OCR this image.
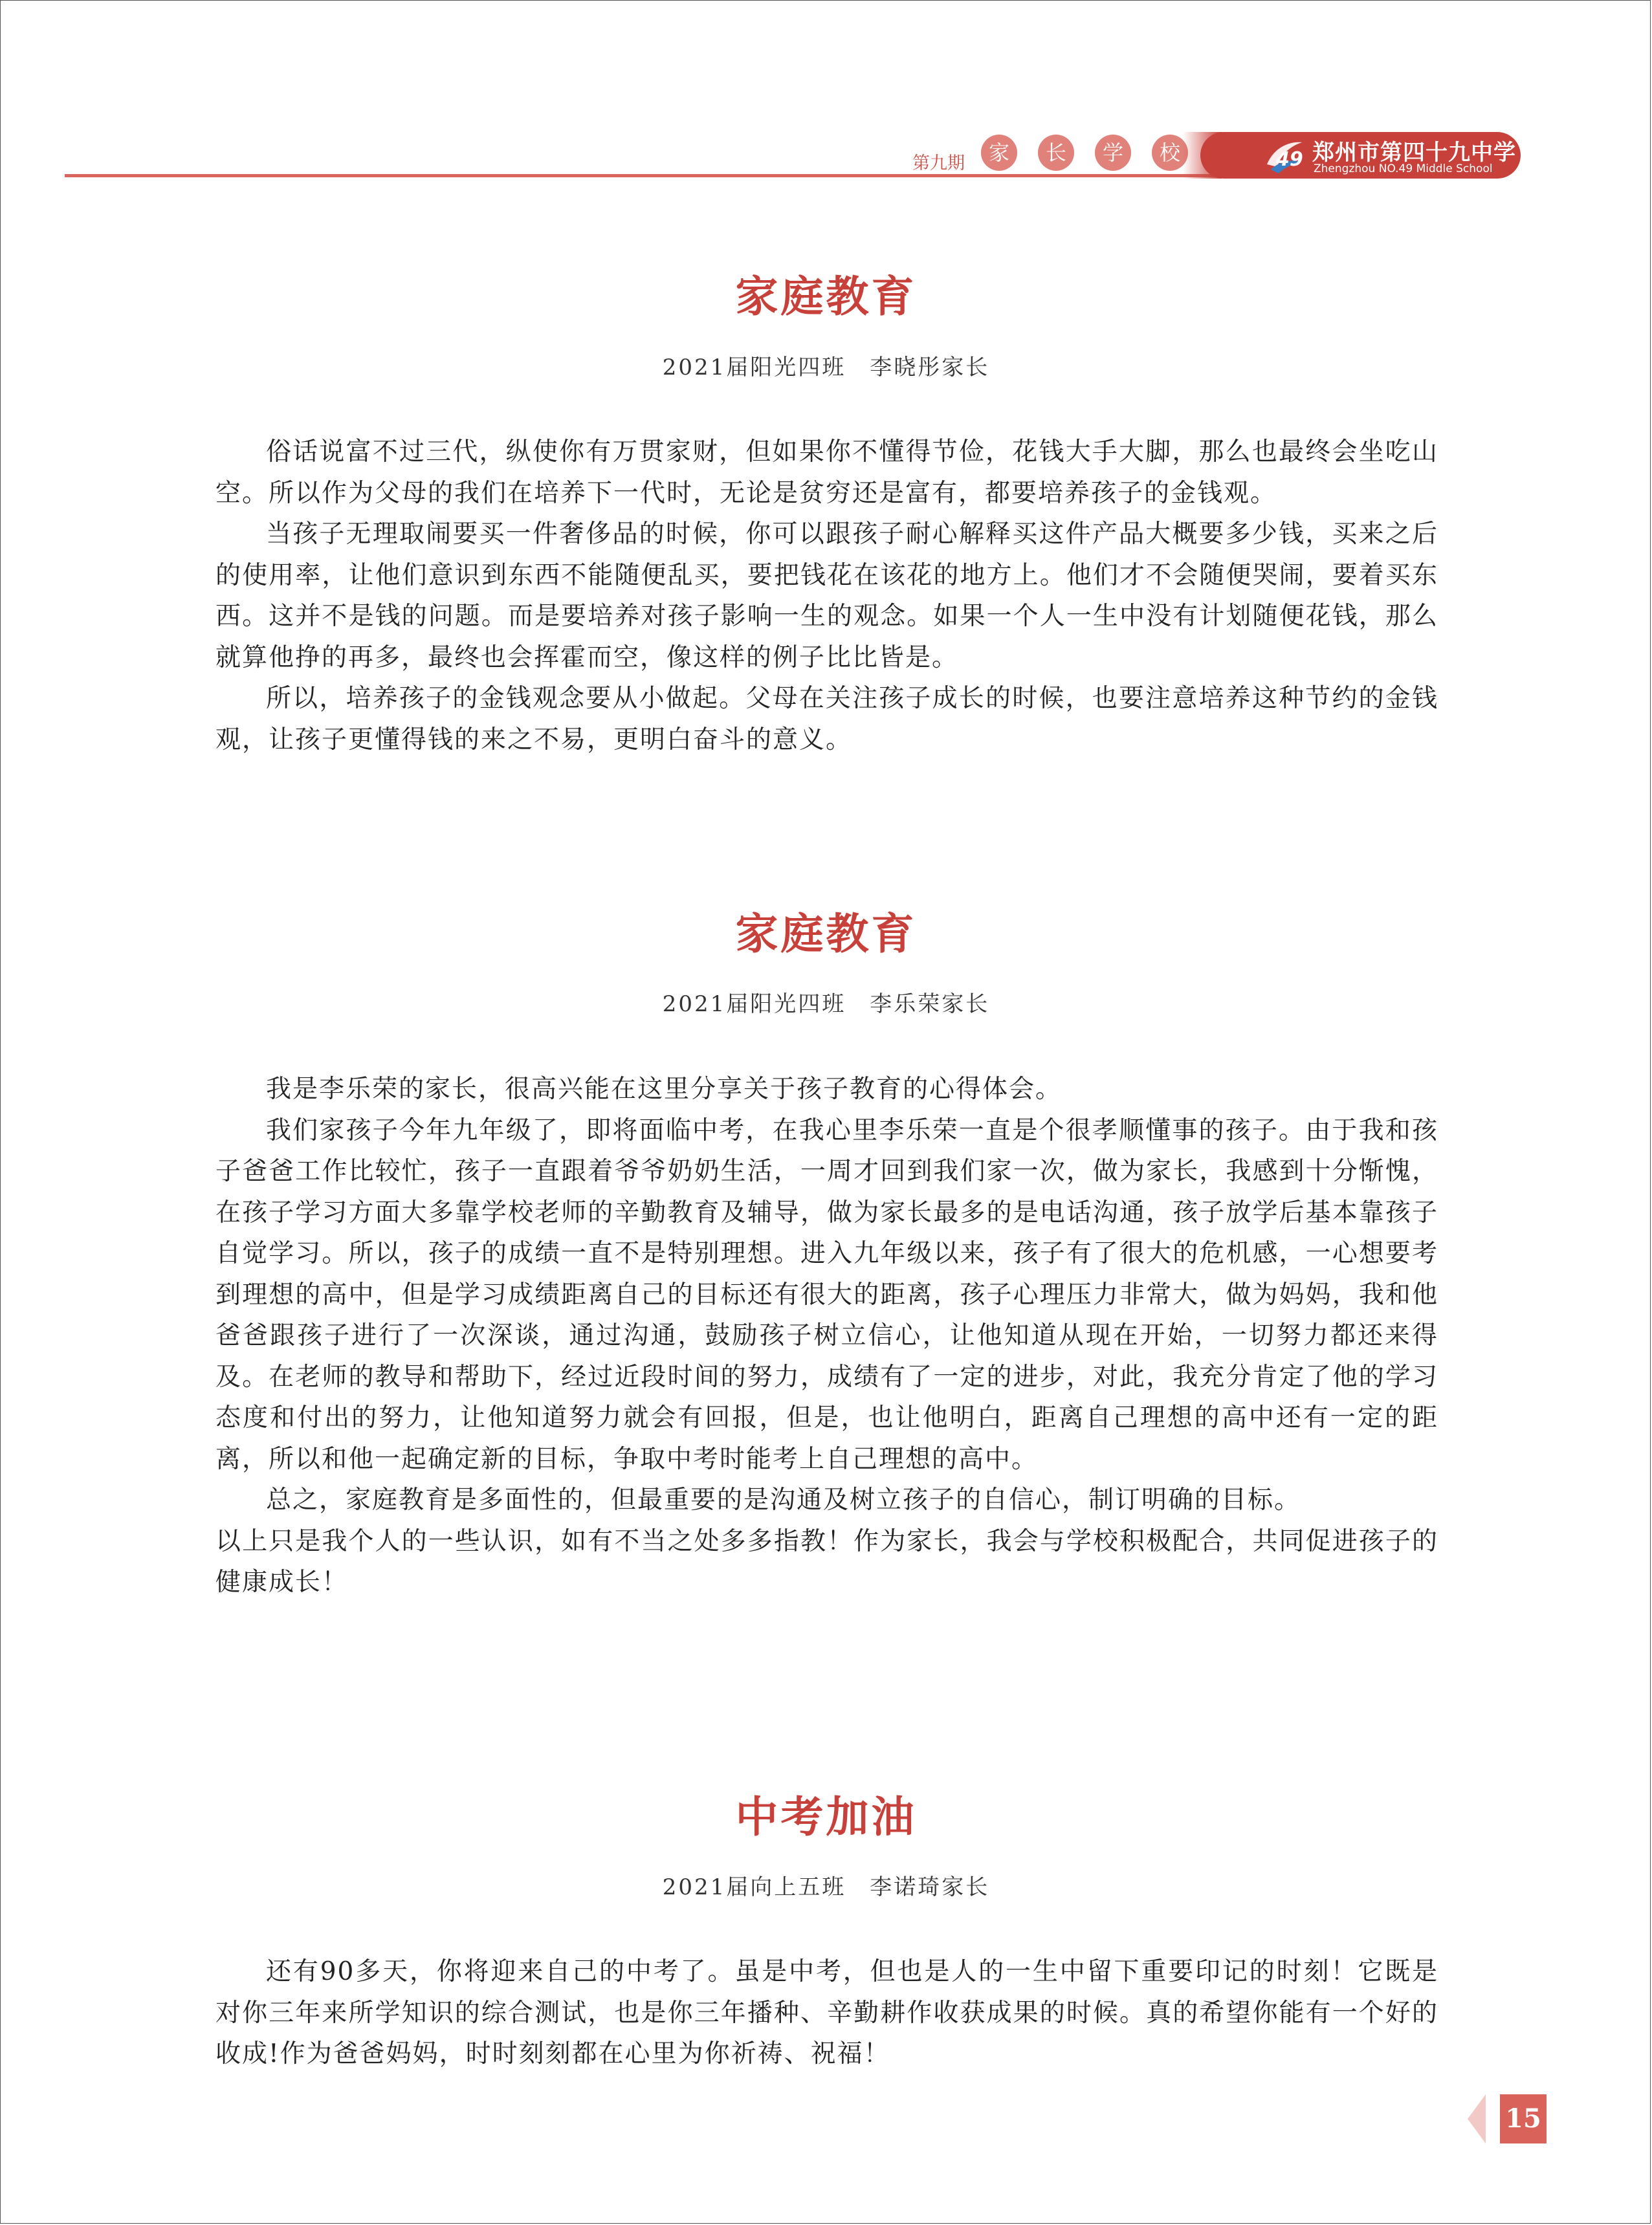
第九期	家	长	学	校	49 郑州市第四十九中学
Zhengzhou NO.49 Middle School
家庭教育
2021届阳光四班　李晓彤家长

俗话说富不过三代，纵使你有万贯家财，但如果你不懂得节俭，花钱大手大脚，那么也最终会坐吃山空。所以作为父母的我们在培养下一代时，无论是贫穷还是富有，都要培养孩子的金钱观。

当孩子无理取闹要买一件奢侈品的时候，你可以跟孩子耐心解释买这件产品大概要多少钱，买来之后的使用率，让他们意识到东西不能随便乱买，要把钱花在该花的地方上。他们才不会随便哭闹，要着买东西。这并不是钱的问题。而是要培养对孩子影响一生的观念。如果一个人一生中没有计划随便花钱，那么就算他挣的再多，最终也会挥霍而空，像这样的例子比比皆是。

所以，培养孩子的金钱观念要从小做起。父母在关注孩子成长的时候，也要注意培养这种节约的金钱观，让孩子更懂得钱的来之不易，更明白奋斗的意义。

家庭教育
2021届阳光四班　李乐荣家长

我是李乐荣的家长，很高兴能在这里分享关于孩子教育的心得体会。

我们家孩子今年九年级了，即将面临中考，在我心里李乐荣一直是个很孝顺懂事的孩子。由于我和孩子爸爸工作比较忙，孩子一直跟着爷爷奶奶生活，一周才回到我们家一次，做为家长，我感到十分惭愧，在孩子学习方面大多靠学校老师的辛勤教育及辅导，做为家长最多的是电话沟通，孩子放学后基本靠孩子自觉学习。所以，孩子的成绩一直不是特别理想。进入九年级以来，孩子有了很大的危机感，一心想要考到理想的高中，但是学习成绩距离自己的目标还有很大的距离，孩子心理压力非常大，做为妈妈，我和他爸爸跟孩子进行了一次深谈，通过沟通，鼓励孩子树立信心，让他知道从现在开始，一切努力都还来得及。在老师的教导和帮助下，经过近段时间的努力，成绩有了一定的进步，对此，我充分肯定了他的学习态度和付出的努力，让他知道努力就会有回报，但是，也让他明白，距离自己理想的高中还有一定的距离，所以和他一起确定新的目标，争取中考时能考上自己理想的高中。

总之，家庭教育是多面性的，但最重要的是沟通及树立孩子的自信心，制订明确的目标。

以上只是我个人的一些认识，如有不当之处多多指教！作为家长，我会与学校积极配合，共同促进孩子的健康成长！

中考加油
2021届向上五班　李诺琦家长

还有90多天，你将迎来自己的中考了。虽是中考，但也是人的一生中留下重要印记的时刻！它既是对你三年来所学知识的综合测试，也是你三年播种、辛勤耕作收获成果的时候。真的希望你能有一个好的收成!作为爸爸妈妈，时时刻刻都在心里为你祈祷、祝福！

15
